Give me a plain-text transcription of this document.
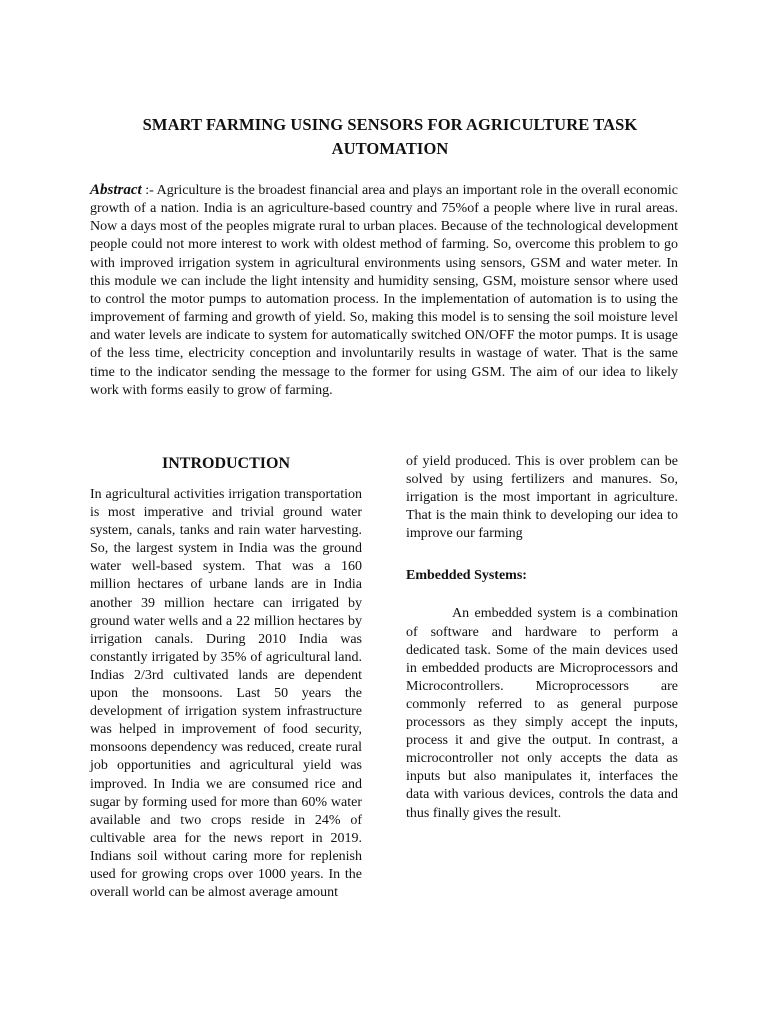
SMART FARMING USING SENSORS FOR AGRICULTURE TASK
AUTOMATION
Abstract :- Agriculture is the broadest financial area and plays an important role in the overall economic growth of a nation. India is an agriculture-based country and 75%of a people where live in rural areas. Now a days most of the peoples migrate rural to urban places. Because of the technological development people could not more interest to work with oldest method of farming. So, overcome this problem to go with improved irrigation system in agricultural environments using sensors, GSM and water meter. In this module we can include the light intensity and humidity sensing, GSM, moisture sensor where used to control the motor pumps to automation process. In the implementation of automation is to using the improvement of farming and growth of yield. So, making this model is to sensing the soil moisture level and water levels are indicate to system for automatically switched ON/OFF the motor pumps. It is usage of the less time, electricity conception and involuntarily results in wastage of water. That is the same time to the indicator sending the message to the former for using GSM. The aim of our idea to likely work with forms easily to grow of farming.
INTRODUCTION
In agricultural activities irrigation transportation is most imperative and trivial ground water system, canals, tanks and rain water harvesting. So, the largest system in India was the ground water well-based system. That was a 160 million hectares of urbane lands are in India another 39 million hectare can irrigated by ground water wells and a 22 million hectares by irrigation canals. During 2010 India was constantly irrigated by 35% of agricultural land. Indias 2/3rd cultivated lands are dependent upon the monsoons. Last 50 years the development of irrigation system infrastructure was helped in improvement of food security, monsoons dependency was reduced, create rural job opportunities and agricultural yield was improved. In India we are consumed rice and sugar by forming used for more than 60% water available and two crops reside in 24% of cultivable area for the news report in 2019. Indians soil without caring more for replenish used for growing crops over 1000 years. In the overall world can be almost average amount
of yield produced. This is over problem can be solved by using fertilizers and manures. So, irrigation is the most important in agriculture. That is the main think to developing our idea to improve our farming
Embedded Systems:
An embedded system is a combination of software and hardware to perform a dedicated task. Some of the main devices used in embedded products are Microprocessors and Microcontrollers. Microprocessors are commonly referred to as general purpose processors as they simply accept the inputs, process it and give the output. In contrast, a microcontroller not only accepts the data as inputs but also manipulates it, interfaces the data with various devices, controls the data and thus finally gives the result.
